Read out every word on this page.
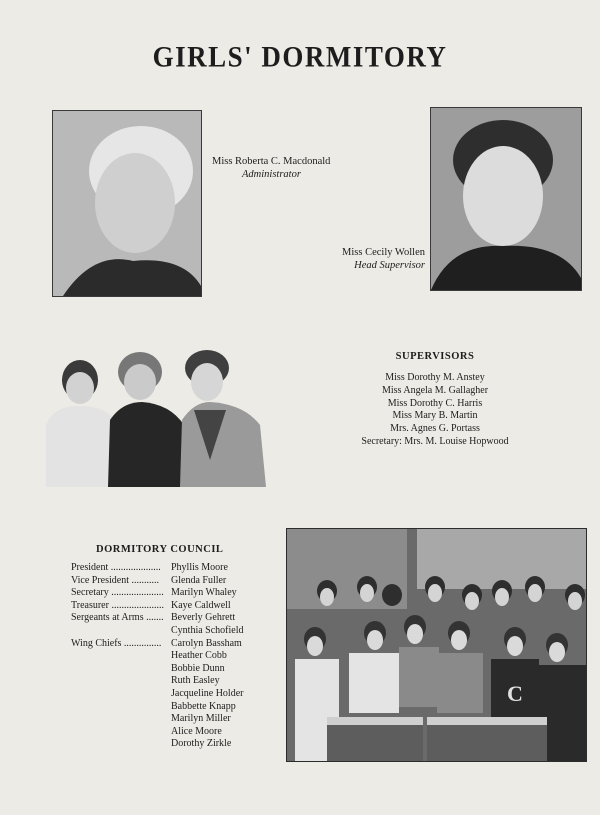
GIRLS' DORMITORY
Miss Roberta C. Macdonald
Administrator
Miss Cecily Wollen
Head Supervisor
SUPERVISORS
Miss Dorothy M. Anstey
Miss Angela M. Gallagher
Miss Dorothy C. Harris
Miss Mary B. Martin
Mrs. Agnes G. Portass
Secretary: Mrs. M. Louise Hopwood
DORMITORY COUNCIL
President ....................	Phyllis Moore
Vice President ...........	Glenda Fuller
Secretary ..................... Marilyn Whaley
Treasurer ..................... Kaye Caldwell
Sergeants at Arms ....... Beverly Gehrett
Cynthia Schofield
Wing Chiefs ............... Carolyn Bassham
Heather Cobb
Bobbie Dunn
Ruth Easley
Jacqueline Holder
Babbette Knapp
Marilyn Miller
Alice Moore
Dorothy Zirkle
C
